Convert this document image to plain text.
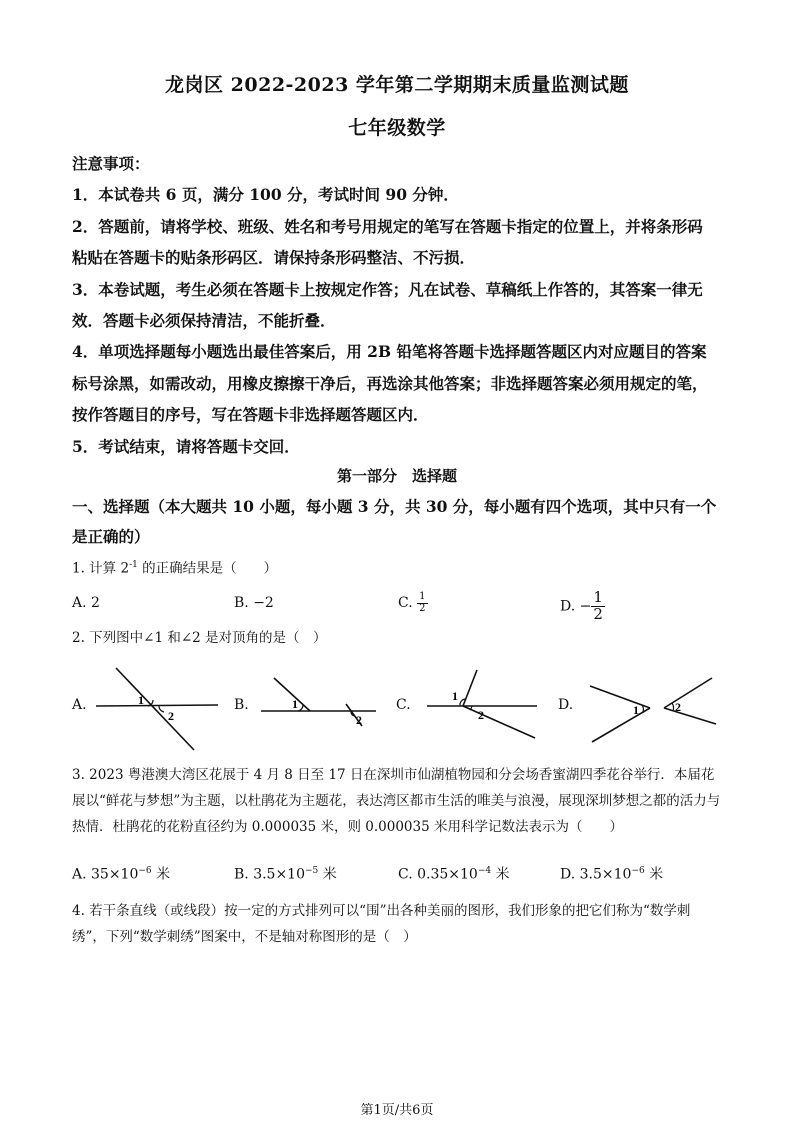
龙岗区 2022-2023 学年第二学期期末质量监测试题
七年级数学
注意事项：
1．本试卷共 6 页，满分 100 分，考试时间 90 分钟．
2．答题前，请将学校、班级、姓名和考号用规定的笔写在答题卡指定的位置上，并将条形码
粘贴在答题卡的贴条形码区．请保持条形码整洁、不污损．
3．本卷试题，考生必须在答题卡上按规定作答；凡在试卷、草稿纸上作答的，其答案一律无
效．答题卡必须保持清洁，不能折叠．
4．单项选择题每小题选出最佳答案后，用 2B 铅笔将答题卡选择题答题区内对应题目的答案
标号涂黑，如需改动，用橡皮擦擦干净后，再选涂其他答案；非选择题答案必须用规定的笔，
按作答题目的序号，写在答题卡非选择题答题区内．
5．考试结束，请将答题卡交回．
第一部分　选择题
一、选择题（本大题共 10 小题，每小题 3 分，共 30 分，每小题有四个选项，其中只有一个是正确的）
1. 计算 $2^{-1}$ 的正确结果是（　　）
A. 2	B. −2	C. $\frac{1}{2}$	D. − $\frac{1}{2}$
2. 下列图中∠1 和∠2 是对顶角的是（　）
A.	1
2
B.	1
2
C.
1
2
D.	1	2
3. 2023 粤港澳大湾区花展于 4 月 8 日至 17 日在深圳市仙湖植物园和分会场香蜜湖四季花谷举行．本届花展以“鲜花与梦想”为主题，以杜鹃花为主题花，表达湾区都市生活的唯美与浪漫，展现深圳梦想之都的活力与热情．杜鹃花的花粉直径约为 0.000035 米，则 0.000035 米用科学记数法表示为（　　）
A. $35\times 10^{-6}$ 米	B. $3.5\times 10^{-5}$ 米	C. $0.35\times 10^{-4}$ 米	D. $3.5\times 10^{-6}$ 米
4. 若干条直线（或线段）按一定的方式排列可以“围”出各种美丽的图形，我们形象的把它们称为“数学刺绣”，下列“数学刺绣”图案中，不是轴对称图形的是（　）
第1页/共6页
